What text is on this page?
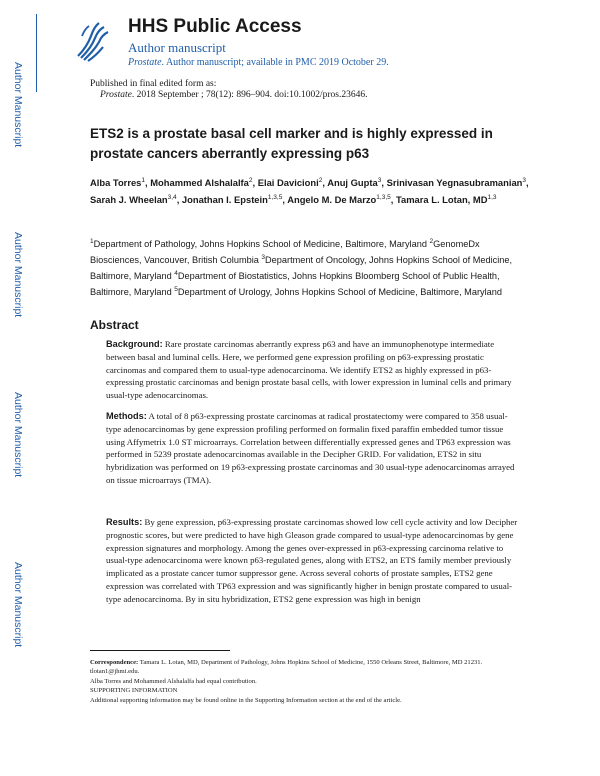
Author Manuscript
Author Manuscript
Author Manuscript
Author Manuscript
HHS Public Access
Author manuscript
Prostate. Author manuscript; available in PMC 2019 October 29.
Published in final edited form as:
Prostate. 2018 September ; 78(12): 896–904. doi:10.1002/pros.23646.
ETS2 is a prostate basal cell marker and is highly expressed in prostate cancers aberrantly expressing p63
Alba Torres$^1$, Mohammed Alshalalfa$^2$, Elai Davicioni$^2$, Anuj Gupta$^3$, Srinivasan Yegnasubramanian$^3$, Sarah J. Wheelan$^{3,4}$, Jonathan I. Epstein$^{1,3,5}$, Angelo M. De Marzo$^{1,3,5}$, Tamara L. Lotan, MD$^{1,3}$
$^1$Department of Pathology, Johns Hopkins School of Medicine, Baltimore, Maryland $^2$GenomeDx Biosciences, Vancouver, British Columbia $^3$Department of Oncology, Johns Hopkins School of Medicine, Baltimore, Maryland $^4$Department of Biostatistics, Johns Hopkins Bloomberg School of Public Health, Baltimore, Maryland $^5$Department of Urology, Johns Hopkins School of Medicine, Baltimore, Maryland
Abstract
Background: Rare prostate carcinomas aberrantly express p63 and have an immunophenotype intermediate between basal and luminal cells. Here, we performed gene expression profiling on p63-expressing prostatic carcinomas and compared them to usual-type adenocarcinoma. We identify ETS2 as highly expressed in p63-expressing prostatic carcinomas and benign prostate basal cells, with lower expression in luminal cells and primary usual-type adenocarcinomas.
Methods: A total of 8 p63-expressing prostate carcinomas at radical prostatectomy were compared to 358 usual-type adenocarcinomas by gene expression profiling performed on formalin fixed paraffin embedded tumor tissue using Affymetrix 1.0 ST microarrays. Correlation between differentially expressed genes and TP63 expression was performed in 5239 prostate adenocarcinomas available in the Decipher GRID. For validation, ETS2 in situ hybridization was performed on 19 p63-expressing prostate carcinomas and 30 usual-type adenocarcinomas arrayed on tissue microarrays (TMA).
Results: By gene expression, p63-expressing prostate carcinomas showed low cell cycle activity and low Decipher prognostic scores, but were predicted to have high Gleason grade compared to usual-type adenocarcinomas by gene expression signatures and morphology. Among the genes over-expressed in p63-expressing carcinoma relative to usual-type adenocarcinoma were known p63-regulated genes, along with ETS2, an ETS family member previously implicated as a prostate cancer tumor suppressor gene. Across several cohorts of prostate samples, ETS2 gene expression was correlated with TP63 expression and was significantly higher in benign prostate compared to usual-type adenocarcinoma. By in situ hybridization, ETS2 gene expression was high in benign
Correspondence: Tamara L. Lotan, MD, Department of Pathology, Johns Hopkins School of Medicine, 1550 Orleans Street, Baltimore, MD 21231. tlotan1@jhmi.edu.
Alba Torres and Mohammed Alshalalfa had equal contribution.
SUPPORTING INFORMATION
Additional supporting information may be found online in the Supporting Information section at the end of the article.
